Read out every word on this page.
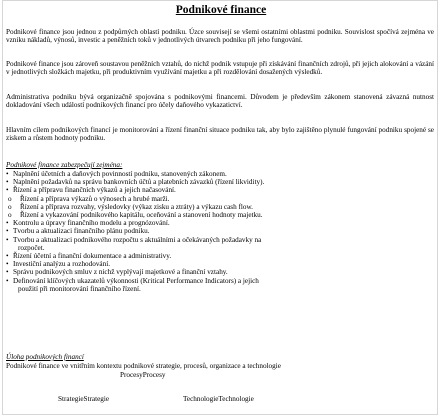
Podnikové finance

Podnikové finance jsou jednou z podpůrných oblastí podniku. Úzce souvisejí se všemi ostatními oblastmi podniku. Souvislost spočívá zejména ve vzniku nákladů, výnosů, investic a peněžních toků v jednotlivých útvarech podniku při jeho fungování.

Podnikové finance jsou zároveň soustavou peněžních vztahů, do nichž podnik vstupuje při získávání finančních zdrojů, při jejich alokování a vázání v jednotlivých složkách majetku, při produktivním využívání majetku a při rozdělování dosažených výsledků.

Administrativa podniku bývá organizačně spojována s podnikovými financemi. Důvodem je především zákonem stanovená závazná nutnost dokladování všech událostí podnikových financí pro účely daňového vykazatictví.

Hlavním cílem podnikových financí je monitorování a řízení finanční situace podniku tak, aby bylo zajištěno plynulé fungování podniku spojené se ziskem a růstem hodnoty podniku.

Podnikové finance zabezpečují zejména:
• Naplnění účetních a daňových povinností podniku, stanovených zákonem.
• Naplnění požadavků na správu bankovních účtů a platebních závazků (řízení likvidity).
• Řízení a přípravu finančních výkazů a jejich načasování.
o	Řízení a příprava výkazů o výnosech a hrubé marži.
o	Řízení a příprava rozvahy, výsledovky (výkaz zisku a ztráty) a výkazu cash flow.
o	Řízení a vykazování podnikového kapitálu, oceňování a stanovení hodnoty majetku.
• Kontrolu a úpravy finančního modelu a prognózování.
• Tvorbu a aktualizaci finančního plánu podniku.
• Tvorbu a aktualizaci podnikového rozpočtu s aktuálními a očekávaných požadavky na
rozpočet.
• Řízení účetní a finanční dokumentace a administrativy.
• Investiční analýzu a rozhodování.
• Správu podnikových smluv z nichž vyplývají majetkové a finanční vztahy.
• Definování klíčových ukazatelů výkonnosti (Kritical Performance Indicators) a jejich
použití při monitorování finančního řízení.
Úloha podnikových financí

Podnikové finance ve vnitřním kontextu podnikové strategie, procesů, organizace a technologie

ProcesyProcesy
StrategieStrategie	TechnologieTechnologie
